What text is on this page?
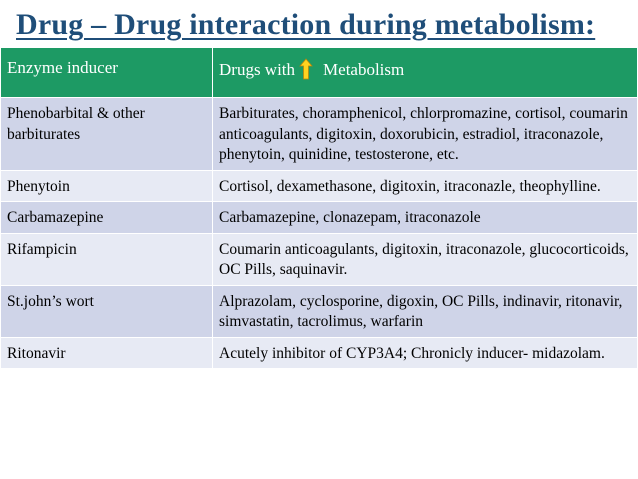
Drug – Drug interaction during metabolism:
Enzyme inducer	Drugs with Metabolism
Phenobarbital & other barbiturates	Barbiturates, choramphenicol, chlorpromazine, cortisol, coumarin anticoagulants, digitoxin, doxorubicin, estradiol, itraconazole, phenytoin, quinidine, testosterone, etc.
Phenytoin	Cortisol, dexamethasone, digitoxin, itraconazle, theophylline.
Carbamazepine	Carbamazepine, clonazepam, itraconazole
Rifampicin	Coumarin anticoagulants, digitoxin, itraconazole, glucocorticoids, OC Pills, saquinavir.
St.john’s wort	Alprazolam, cyclosporine, digoxin, OC Pills, indinavir, ritonavir, simvastatin, tacrolimus, warfarin
Ritonavir	Acutely inhibitor of CYP3A4; Chronicly inducer- midazolam.
